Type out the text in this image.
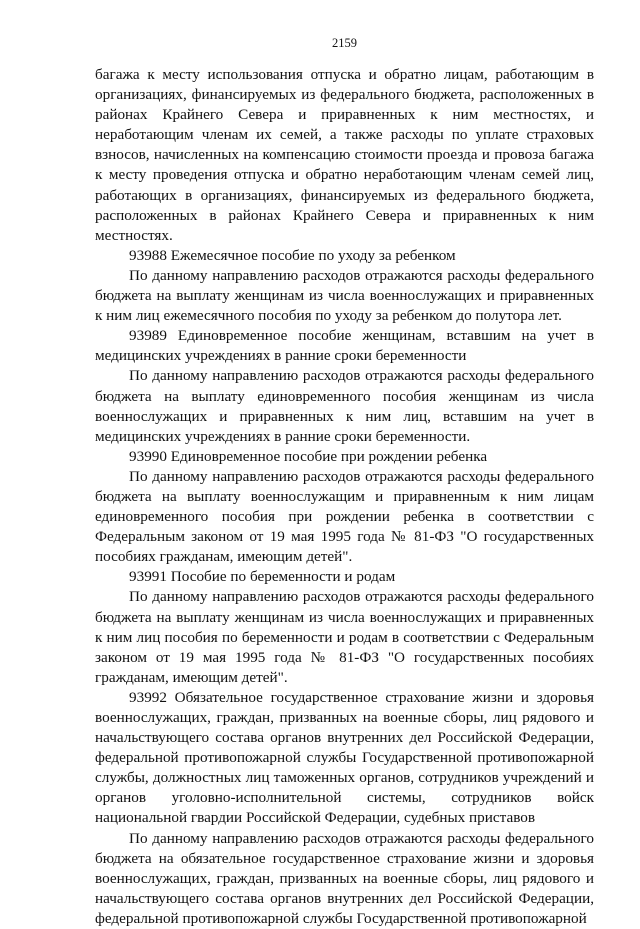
2159

багажа к месту использования отпуска и обратно лицам, работающим в организациях, финансируемых из федерального бюджета, расположенных в районах Крайнего Севера и приравненных к ним местностях, и неработающим членам их семей, а также расходы по уплате страховых взносов, начисленных на компенсацию стоимости проезда и провоза багажа к месту проведения отпуска и обратно неработающим членам семей лиц, работающих в организациях, финансируемых из федерального бюджета, расположенных в районах Крайнего Севера и приравненных к ним местностях.

93988 Ежемесячное пособие по уходу за ребенком

По данному направлению расходов отражаются расходы федерального бюджета на выплату женщинам из числа военнослужащих и приравненных к ним лиц ежемесячного пособия по уходу за ребенком до полутора лет.

93989 Единовременное пособие женщинам, вставшим на учет в медицинских учреждениях в ранние сроки беременности

По данному направлению расходов отражаются расходы федерального бюджета на выплату единовременного пособия женщинам из числа военнослужащих и приравненных к ним лиц, вставшим на учет в медицинских учреждениях в ранние сроки беременности.

93990 Единовременное пособие при рождении ребенка

По данному направлению расходов отражаются расходы федерального бюджета на выплату военнослужащим и приравненным к ним лицам единовременного пособия при рождении ребенка в соответствии с Федеральным законом от 19 мая 1995 года № 81-ФЗ "О государственных пособиях гражданам, имеющим детей".

93991 Пособие по беременности и родам

По данному направлению расходов отражаются расходы федерального бюджета на выплату женщинам из числа военнослужащих и приравненных к ним лиц пособия по беременности и родам в соответствии с Федеральным законом от 19 мая 1995 года № 81-ФЗ "О государственных пособиях гражданам, имеющим детей".

93992 Обязательное государственное страхование жизни и здоровья военнослужащих, граждан, призванных на военные сборы, лиц рядового и начальствующего состава органов внутренних дел Российской Федерации, федеральной противопожарной службы Государственной противопожарной службы, должностных лиц таможенных органов, сотрудников учреждений и органов уголовно-исполнительной системы, сотрудников войск национальной гвардии Российской Федерации, судебных приставов

По данному направлению расходов отражаются расходы федерального бюджета на обязательное государственное страхование жизни и здоровья военнослужащих, граждан, призванных на военные сборы, лиц рядового и начальствующего состава органов внутренних дел Российской Федерации, федеральной противопожарной службы Государственной противопожарной
